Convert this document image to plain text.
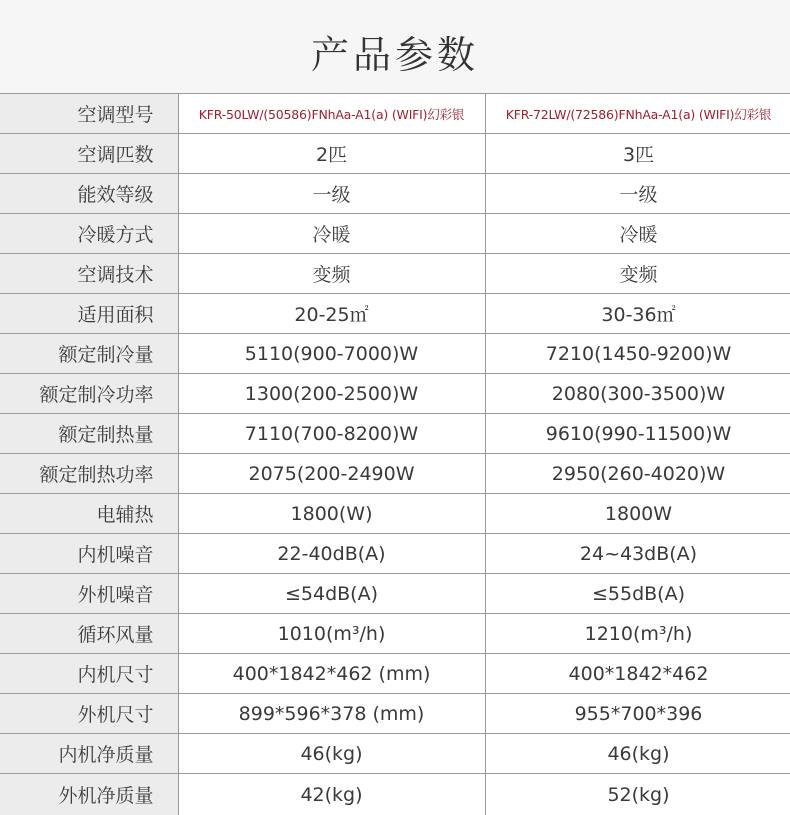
产品参数
空调型号	KFR-50LW/(50586)FNhAa-A1(a) (WIFI)幻彩银	KFR-72LW/(72586)FNhAa-A1(a) (WIFI)幻彩银
空调匹数	2匹	3匹
能效等级	一级	一级
冷暖方式	冷暖	冷暖
空调技术	变频	变频
适用面积	20-25㎡	30-36㎡
额定制冷量	5110(900-7000)W	7210(1450-9200)W
额定制冷功率	1300(200-2500)W	2080(300-3500)W
额定制热量	7110(700-8200)W	9610(990-11500)W
额定制热功率	2075(200-2490W	2950(260-4020)W
电辅热	1800(W)	1800W
内机噪音	22-40dB(A)	24~43dB(A)
外机噪音	≤54dB(A)	≤55dB(A)
循环风量	1010(m³/h)	1210(m³/h)
内机尺寸	400*1842*462 (mm)	400*1842*462
外机尺寸	899*596*378 (mm)	955*700*396
内机净质量	46(kg)	46(kg)
外机净质量	42(kg)	52(kg)
